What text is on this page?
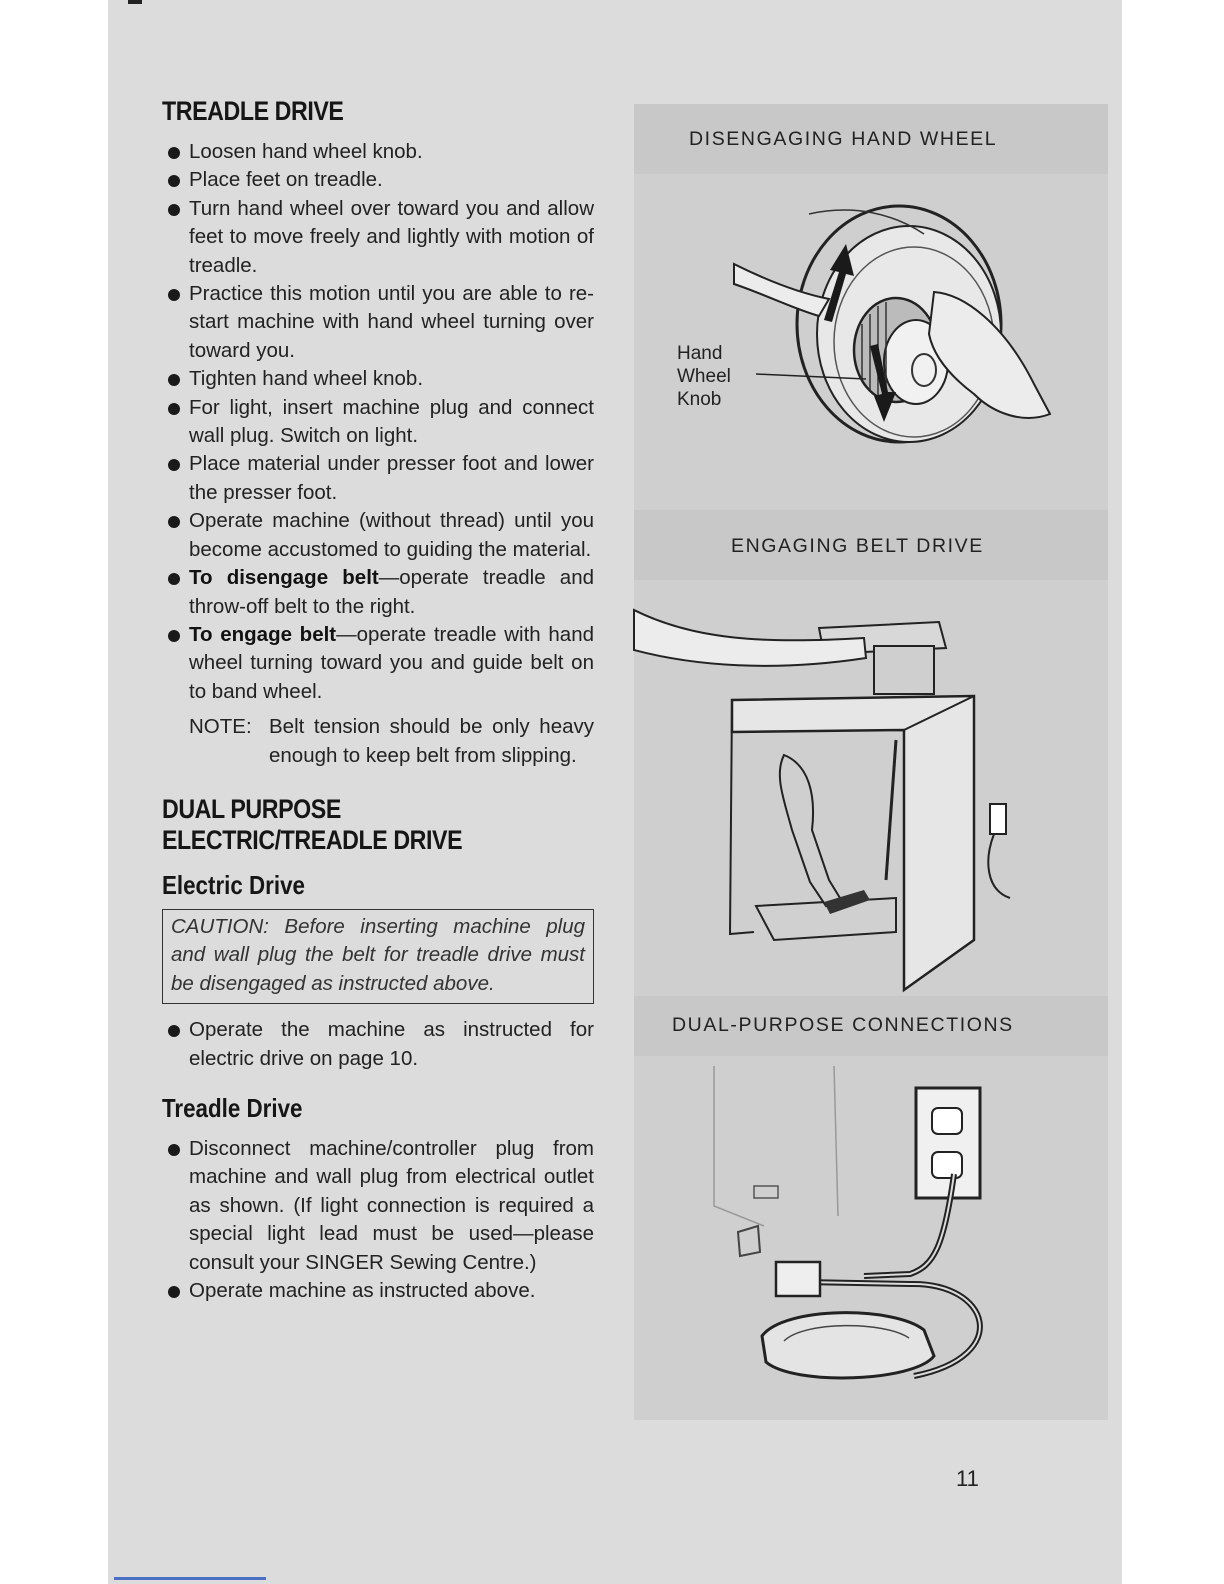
TREADLE DRIVE
Loosen hand wheel knob.
Place feet on treadle.
Turn hand wheel over toward you and allow feet to move freely and lightly with motion of treadle.
Practice this motion until you are able to re-start machine with hand wheel turning over toward you.
Tighten hand wheel knob.
For light, insert machine plug and connect wall plug. Switch on light.
Place material under presser foot and lower the presser foot.
Operate machine (without thread) until you become accustomed to guiding the material.
To disengage belt—operate treadle and throw-off belt to the right.
To engage belt—operate treadle with hand wheel turning toward you and guide belt on to band wheel.
NOTE: Belt tension should be only heavy enough to keep belt from slipping.
DUAL PURPOSE
ELECTRIC/TREADLE DRIVE
Electric Drive
CAUTION: Before inserting machine plug and wall plug the belt for treadle drive must be disengaged as instructed above.
Operate the machine as instructed for electric drive on page 10.
Treadle Drive
Disconnect machine/controller plug from machine and wall plug from electrical outlet as shown. (If light connection is required a special light lead must be used—please consult your SINGER Sewing Centre.)
Operate machine as instructed above.
DISENGAGING HAND WHEEL
Hand
Wheel
Knob
ENGAGING BELT DRIVE
DUAL-PURPOSE CONNECTIONS
11
